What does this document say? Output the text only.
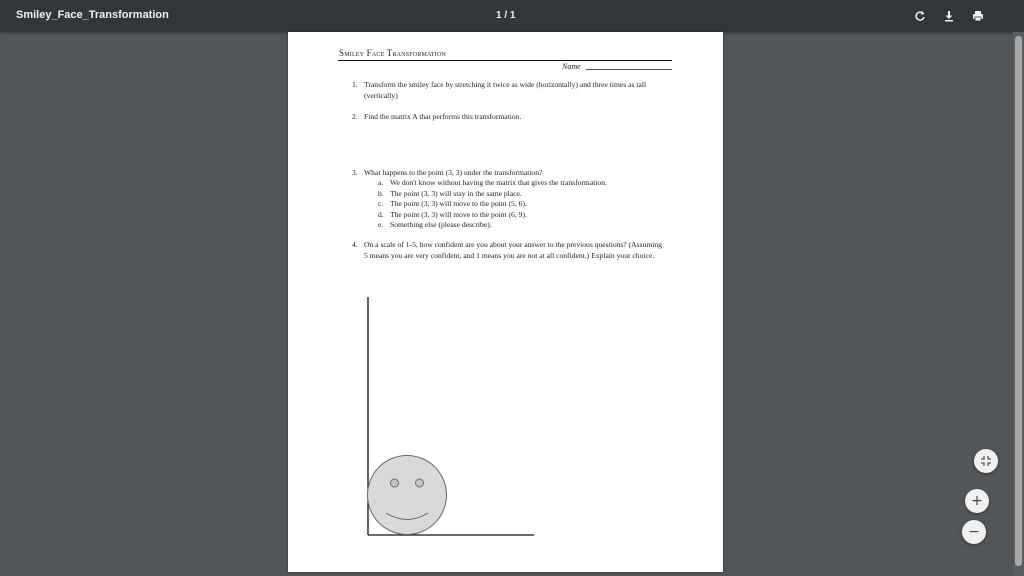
Smiley_Face_Transformation	1 / 1
Smiley Face Transformation
Name
1. Transform the smiley face by stretching it twice as wide (horizontally) and three times as tall (vertically)
2. Find the matrix A that performs this transformation.
3. What happens to the point (3, 3) under the transformation?
a. We don't know without having the matrix that gives the transformation.
b. The point (3, 3) will stay in the same place.
c. The point (3, 3) will move to the point (5, 6).
d. The point (3, 3) will move to the point (6, 9).
e. Something else (please describe).
4. On a scale of 1-5, how confident are you about your answer to the previous questions? (Assuming 5 means you are very confident, and 1 means you are not at all confident.) Explain your choice.
+
−
